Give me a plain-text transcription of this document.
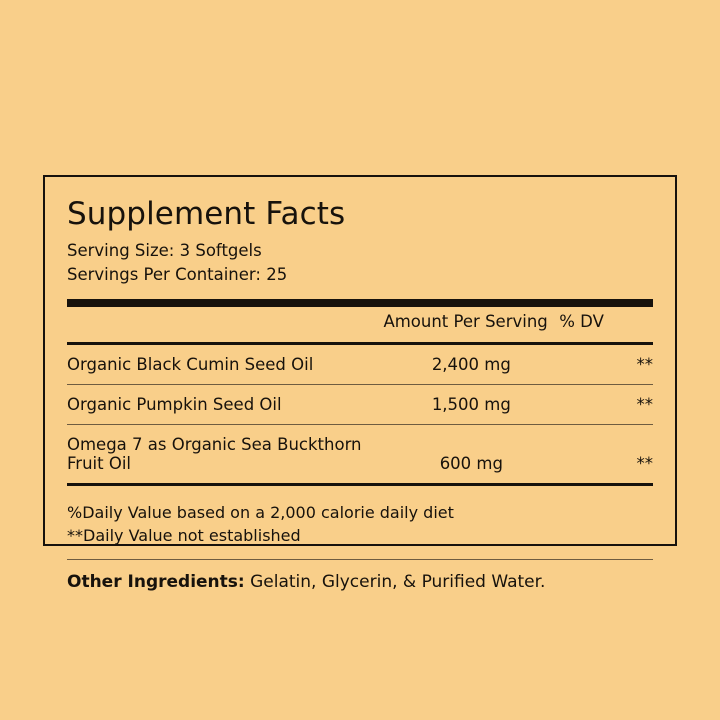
Supplement Facts
Serving Size: 3 Softgels
Servings Per Container: 25
	Amount Per Serving	% DV

Organic Black Cumin Seed Oil	2,400 mg	**

Organic Pumpkin Seed Oil	1,500 mg	**

Omega 7 as Organic Sea Buckthorn Fruit Oil	600 mg	**

%Daily Value based on a 2,000 calorie daily diet
**Daily Value not established
Other Ingredients: Gelatin, Glycerin, & Purified Water.
